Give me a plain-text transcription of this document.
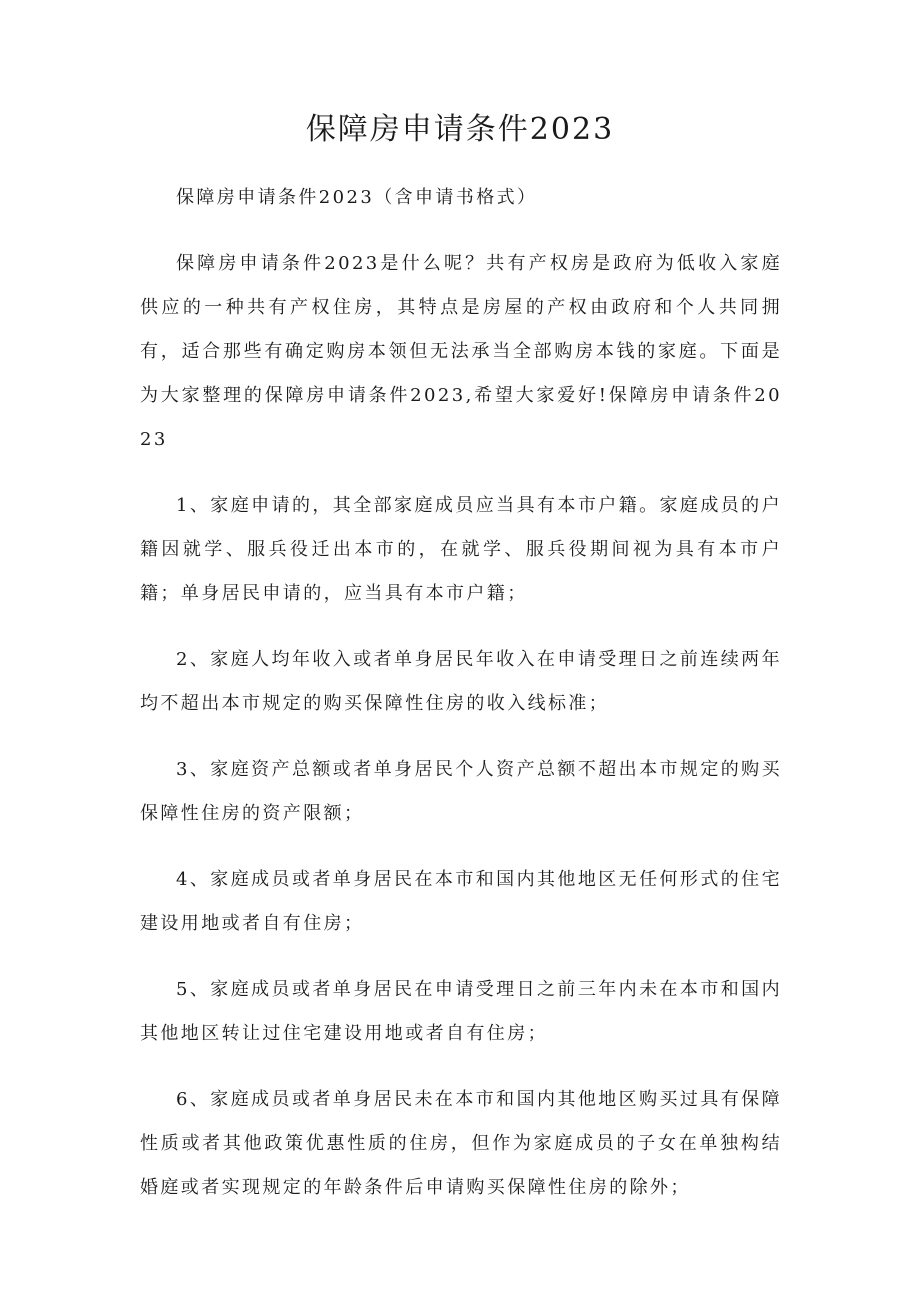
保障房申请条件2023

保障房申请条件2023（含申请书格式）

保障房申请条件2023是什么呢？共有产权房是政府为低收入家庭供应的一种共有产权住房，其特点是房屋的产权由政府和个人共同拥有，适合那些有确定购房本领但无法承当全部购房本钱的家庭。下面是为大家整理的保障房申请条件2023,希望大家爱好!保障房申请条件2023

1、家庭申请的，其全部家庭成员应当具有本市户籍。家庭成员的户籍因就学、服兵役迁出本市的，在就学、服兵役期间视为具有本市户籍；单身居民申请的，应当具有本市户籍；

2、家庭人均年收入或者单身居民年收入在申请受理日之前连续两年均不超出本市规定的购买保障性住房的收入线标准；

3、家庭资产总额或者单身居民个人资产总额不超出本市规定的购买保障性住房的资产限额；

4、家庭成员或者单身居民在本市和国内其他地区无任何形式的住宅建设用地或者自有住房；

5、家庭成员或者单身居民在申请受理日之前三年内未在本市和国内其他地区转让过住宅建设用地或者自有住房；

6、家庭成员或者单身居民未在本市和国内其他地区购买过具有保障性质或者其他政策优惠性质的住房，但作为家庭成员的子女在单独构结婚庭或者实现规定的年龄条件后申请购买保障性住房的除外；
